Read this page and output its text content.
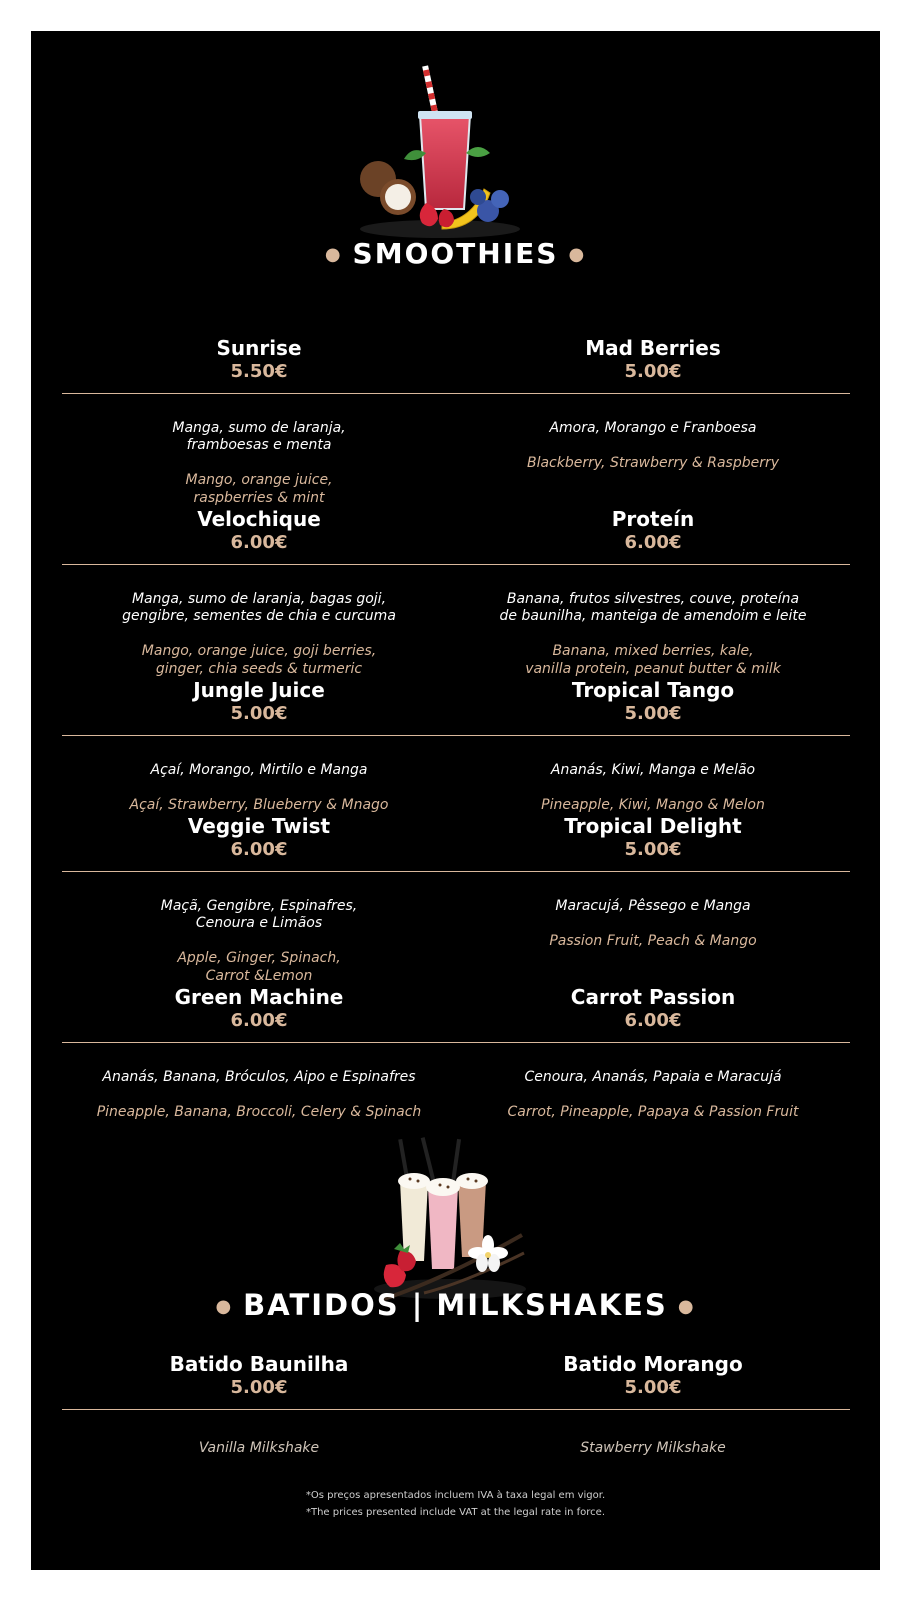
● SMOOTHIES ●
Sunrise
5.50€

Manga, sumo de laranja,
framboesas e menta

Mango, orange juice,
raspberries & mint

Mad Berries
5.00€

Amora, Morango e Franboesa

Blackberry, Strawberry & Raspberry

Velochique
6.00€

Manga, sumo de laranja, bagas goji,
gengibre, sementes de chia e curcuma

Mango, orange juice, goji berries,
ginger, chia seeds & turmeric

Proteín
6.00€

Banana, frutos silvestres, couve, proteína
de baunilha, manteiga de amendoim e leite

Banana, mixed berries, kale,
vanilla protein, peanut butter & milk

Jungle Juice
5.00€

Açaí, Morango, Mirtilo e Manga

Açaí, Strawberry, Blueberry & Mnago

Tropical Tango
5.00€

Ananás, Kiwi, Manga e Melão

Pineapple, Kiwi, Mango & Melon

Veggie Twist
6.00€

Maçã, Gengibre, Espinafres,
Cenoura e Limãos

Apple, Ginger, Spinach,
Carrot &Lemon

Tropical Delight
5.00€

Maracujá, Pêssego e Manga

Passion Fruit, Peach & Mango

Green Machine
6.00€

Ananás, Banana, Bróculos, Aipo e Espinafres

Pineapple, Banana, Broccoli, Celery & Spinach

Carrot Passion
6.00€

Cenoura, Ananás, Papaia e Maracujá

Carrot, Pineapple, Papaya & Passion Fruit

● BATIDOS | MILKSHAKES ●
Batido Baunilha
5.00€

Vanilla Milkshake

Batido Morango
5.00€

Stawberry Milkshake

*Os preços apresentados incluem IVA à taxa legal em vigor.
*The prices presented include VAT at the legal rate in force.
